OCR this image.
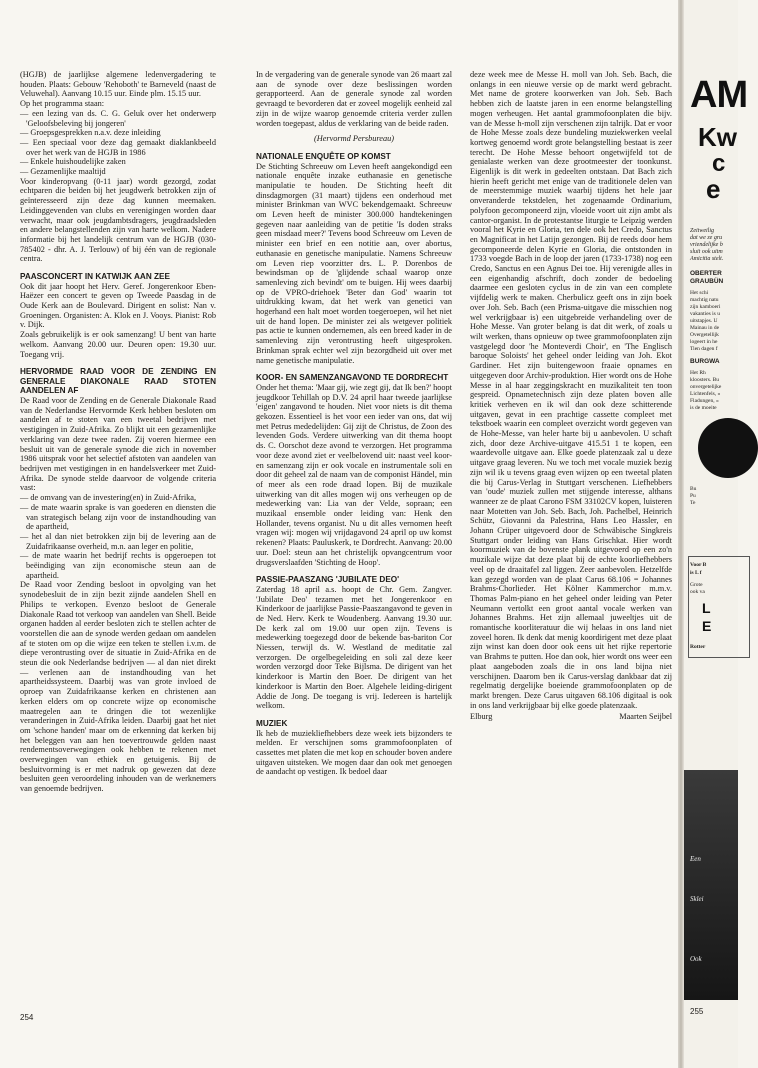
(HGJB) de jaarlijkse algemene ledenvergadering te houden. Plaats: Gebouw 'Rehoboth' te Barneveld (naast de Veluwehal). Aanvang 10.15 uur. Einde plm. 15.15 uur.

Op het programma staan:

— een lezing van ds. C. G. Geluk over het onderwerp 'Geloofsbeleving bij jongeren'

— Groepsgesprekken n.a.v. deze inleiding

— Een speciaal voor deze dag gemaakt diaklankbeeld over het werk van de HGJB in 1986

— Enkele huishoudelijke zaken

— Gezamenlijke maaltijd

Voor kinderopvang (0-11 jaar) wordt gezorgd, zodat echtparen die beiden bij het jeugdwerk betrokken zijn of geïnteresseerd zijn deze dag kunnen meemaken. Leidinggevenden van clubs en verenigingen worden daar verwacht, maar ook jeugdambtsdragers, jeugdraadsleden en andere belangstellenden zijn van harte welkom. Nadere informatie bij het landelijk centrum van de HGJB (030-785402 - dhr. A. J. Terlouw) of bij één van de regionale centra.

PAASCONCERT IN KATWIJK AAN ZEE

Ook dit jaar hoopt het Herv. Geref. Jongerenkoor Eben-Haëzer een concert te geven op Tweede Paasdag in de Oude Kerk aan de Boulevard. Dirigent en solist: Nan v. Groeningen. Organisten: A. Klok en J. Vooys. Pianist: Rob v. Dijk.

Zoals gebruikelijk is er ook samenzang! U bent van harte welkom. Aanvang 20.00 uur. Deuren open: 19.30 uur. Toegang vrij.

HERVORMDE RAAD VOOR DE ZENDING EN GENERALE DIAKONALE RAAD STOTEN AANDELEN AF

De Raad voor de Zending en de Generale Diakonale Raad van de Nederlandse Hervormde Kerk hebben besloten om aandelen af te stoten van een tweetal bedrijven met vestigingen in Zuid-Afrika. Zo blijkt uit een gezamenlijke verklaring van deze twee raden. Zij voeren hiermee een besluit uit van de generale synode die zich in november 1986 uitsprak voor het selectief afstoten van aandelen van bedrijven met vestigingen in en handelsverkeer met Zuid-Afrika. De synode stelde daarvoor de volgende criteria vast:

— de omvang van de investering(en) in Zuid-Afrika,

— de mate waarin sprake is van goederen en diensten die van strategisch belang zijn voor de instandhouding van de apartheid,

— het al dan niet betrokken zijn bij de levering aan de Zuidafrikaanse overheid, m.n. aan leger en politie,

— de mate waarin het bedrijf rechts is opgeroepen tot beëindiging van zijn economische steun aan de apartheid.

De Raad voor Zending besloot in opvolging van het synodebesluit de in zijn bezit zijnde aandelen Shell en Philips te verkopen. Evenzo besloot de Generale Diakonale Raad tot verkoop van aandelen van Shell. Beide organen hadden al eerder besloten zich te stellen achter de voorstellen die aan de synode werden gedaan om aandelen af te stoten om op die wijze een teken te stellen i.v.m. de diepe verontrusting over de situatie in Zuid-Afrika en de steun die ook Nederlandse bedrijven — al dan niet direkt — verlenen aan de instandhouding van het apartheidssysteem. Daarbij was van grote invloed de oproep van Zuidafrikaanse kerken en christenen aan kerken elders om op concrete wijze op economische maatregelen aan te dringen die tot wezenlijke veranderingen in Zuid-Afrika leiden. Daarbij gaat het niet om 'schone handen' maar om de erkenning dat kerken bij het beleggen van aan hen toevertrouwde gelden naast rendementsoverwegingen ook hebben te rekenen met overwegingen van ethiek en getuigenis. Bij de besluitvorming is er met nadruk op gewezen dat deze besluiten geen veroordeling inhouden van de werknemers van genoemde bedrijven.

In de vergadering van de generale synode van 26 maart zal aan de synode over deze beslissingen worden gerapporteerd. Aan de generale synode zal worden gevraagd te bevorderen dat er zoveel mogelijk eenheid zal zijn in de wijze waarop genoemde criteria verder zullen worden toegepast, aldus de verklaring van de beide raden.

(Hervormd Persbureau)

NATIONALE ENQUÊTE OP KOMST

De Stichting Schreeuw om Leven heeft aangekondigd een nationale enquête inzake euthanasie en genetische manipulatie te houden. De Stichting heeft dit dinsdagmorgen (31 maart) tijdens een onderhoud met minister Brinkman van WVC bekendgemaakt. Schreeuw om Leven heeft de minister 300.000 handtekeningen gegeven naar aanleiding van de petitie 'Is doden straks geen misdaad meer?' Tevens bood Schreeuw om Leven de minister een brief en een notitie aan, over abortus, euthanasie en genetische manipulatie. Namens Schreeuw om Leven riep voorzitter drs. L. P. Dorenbos de bewindsman op de 'glijdende schaal waarop onze samenleving zich bevindt' om te buigen. Hij wees daarbij op de VPRO-driehoek 'Beter dan God' waarin tot uitdrukking kwam, dat het werk van genetici van hogerhand een halt moet worden toegeroepen, wil het niet uit de hand lopen. De minister zei als wetgever politiek pas actie te kunnen ondernemen, als een breed kader in de samenleving zijn verontrusting heeft uitgesproken. Brinkman sprak echter wel zijn bezorgdheid uit over met name genetische manipulatie.

KOOR- EN SAMENZANGAVOND TE DORDRECHT

Onder het thema: 'Maar gij, wie zegt gij, dat Ik ben?' hoopt jeugdkoor Tehillah op D.V. 24 april haar tweede jaarlijkse 'eigen' zangavond te houden. Niet voor niets is dit thema gekozen. Essentieel is het voor een ieder van ons, dat wij met Petrus mededelijden: Gij zijt de Christus, de Zoon des levenden Gods. Verdere uitwerking van dit thema hoopt ds. C. Oorschot deze avond te verzorgen. Het programma voor deze avond ziet er veelbelovend uit: naast veel koor- en samenzang zijn er ook vocale en instrumentale soli en door dit geheel zal de naam van de componist Händel, min of meer als een rode draad lopen. Bij de muzikale uitwerking van dit alles mogen wij ons verheugen op de medewerking van: Lia van der Velde, sopraan; een muzikaal ensemble onder leiding van: Henk den Hollander, tevens organist. Nu u dit alles vernomen heeft vragen wij: mogen wij vrijdagavond 24 april op uw komst rekenen? Plaats: Pauluskerk, te Dordrecht. Aanvang: 20.00 uur. Doel: steun aan het christelijk opvangcentrum voor drugsverslaafden 'Stichting de Hoop'.

PASSIE-PAASZANG 'JUBILATE DEO'

Zaterdag 18 april a.s. hoopt de Chr. Gem. Zangver. 'Jubilate Deo' tezamen met het Jongerenkoor en Kinderkoor de jaarlijkse Passie-Paaszangavond te geven in de Ned. Herv. Kerk te Woudenberg. Aanvang 19.30 uur. De kerk zal om 19.00 uur open zijn. Tevens is medewerking toegezegd door de bekende bas-bariton Cor Niessen, terwijl ds. W. Westland de meditatie zal verzorgen. De orgelbegeleiding en soli zal deze keer worden verzorgd door Teke Bijlsma. De dirigent van het kinderkoor is Martin den Boer. De dirigent van het kinderkoor is Martin den Boer. Algehele leiding-dirigent Addie de Jong. De toegang is vrij. Iedereen is hartelijk welkom.

MUZIEK

Ik heb de muziekliefhebbers deze week iets bijzonders te melden. Er verschijnen soms grammofoonplaten of cassettes met platen die met kop en schouder boven andere uitgaven uitsteken. We mogen daar dan ook met genoegen de aandacht op vestigen. Ik bedoel daar

deze week mee de Messe H. moll van Joh. Seb. Bach, die onlangs in een nieuwe versie op de markt werd gebracht. Met name de grotere koorwerken van Joh. Seb. Bach hebben zich de laatste jaren in een enorme belangstelling mogen verheugen. Het aantal grammofoonplaten die bijv. van de Messe h-moll zijn verschenen zijn talrijk. Dat er voor de Hohe Messe zoals deze bundeling muziekwerken veelal kortweg genoemd wordt grote belangstelling bestaat is zeer terecht. De Hohe Messe behoort ongetwijfeld tot de genialaste werken van deze grootmeester der toonkunst. Eigenlijk is dit werk in gedeelten ontstaan. Dat Bach zich hierin heeft gericht met enige van de traditionele delen van de meerstemmige muziek waarbij tijdens het hele jaar onveranderde tekstdelen, het zogenaamde Ordinarium, polyfoon gecomponeerd zijn, vloeide voort uit zijn ambt als cantor-organist. In de protestantse liturgie te Leipzig werden vooral het Kyrie en Gloria, ten dele ook het Credo, Sanctus en Magnificat in het Latijn gezongen. Bij de reeds door hem gecomponeerde delen Kyrie en Gloria, die ontstonden in 1733 voegde Bach in de loop der jaren (1733-1738) nog een Credo, Sanctus en een Agnus Dei toe. Hij verenigde alles in een eigenhandig afschrift, doch zonder de bedoeling daarmee een gesloten cyclus in de zin van een complete vijfdelig werk te maken. Cherbulicz geeft ons in zijn boek over Joh. Seb. Bach (een Prisma-uitgave die misschien nog wel verkrijgbaar is) een uitgebreide verhandeling over de Hohe Messe. Van groter belang is dat dit werk, of zoals u wilt werken, thans opnieuw op twee grammofoonplaten zijn vastgelegd door 'he Monteverdi Choir', en 'The Englisch baroque Soloists' het geheel onder leiding van Joh. Ekot Gardiner. Het zijn buitengewoon fraaie opnames en uitgegeven door Archiv-produktion. Hier wordt ons de Hohe Messe in al haar zeggingskracht en muzikaliteit ten toon gespreid. Opnametechnisch zijn deze platen boven alle kritiek verheven en ik wil dan ook deze schitterende uitgaven, gevat in een prachtige cassette compleet met tekstboek waarin een compleet overzicht wordt gegeven van de Hohe-Messe, van heler harte bij u aanbevolen. U schaft zich, door deze Archive-uitgave 415.51 1 te kopen, een waardevolle uitgave aan. Elke goede platenzaak zal u deze uitgave graag leveren. Nu we toch met vocale muziek bezig zijn wil ik u tevens graag even wijzen op een tweetal platen die bij Carus-Verlag in Stuttgart verschenen. Liefhebbers van 'oude' muziek zullen met stijgende interesse, althans wanneer ze de plaat Carono FSM 33102CV kopen, luisteren naar Motetten van Joh. Seb. Bach, Joh. Pachelbel, Heinrich Schütz, Giovanni da Palestrina, Hans Leo Hassler, en Johann Crüper uitgevoerd door de Schwäbische Singkreis Stuttgart onder leiding van Hans Grischkat. Hier wordt koormuziek van de bovenste plank uitgevoerd op een zo'n muzikale wijze dat deze plaat bij de echte koorliefhebbers veel op de draaitafel zal liggen. Zeer aanbevolen. Hetzelfde kan gezegd worden van de plaat Carus 68.106 = Johannes Brahms-Chorlieder. Het Kölner Kammerchor m.m.v. Thomas Palm-piano en het geheel onder leiding van Peter Neumann vertolkt een groot aantal vocale werken van Johannes Brahms. Het zijn allemaal juweeltjes uit de romantische koorliteratuur die wij helaas in ons land niet zoveel horen. Ik denk dat menig koordirigent met deze plaat zijn winst kan doen door ook eens uit het rijke repertorie van Brahms te putten. Hoe dan ook, hier wordt ons weer een plaat aangeboden zoals die in ons land bijna niet verschijnen. Daarom ben ik Carus-verslag dankbaar dat zij regelmatig dergelijke boeiende grammofoonplaten op de markt brengen. Deze Carus uitgaven 68.106 digitaal is ook in ons land verkrijgbaar bij elke goede platenzaak.

Elburg	Maarten Seijbel
254
AM
Kw
c
e
Zeitweilig
dat we ze gru
vriendelijke b
sluit ook uitm
Amicitia stelt.
OBERTER
GRAUBÜN
Het schi
machtig natu
zijn kamboeri
vakanties is u
uitstapjes. U
Mainau in de
Overgetellijk
logeert in he
Tien dagen f
BURGWA
Het Rh
kloosters. Bu
onvergetelijke
Lichtenfels, «
Fladungen, «
is de moeite
Bu
Pu
Te
Voor B
is L f
Grote
ook va
L
E
Rotter
Een
Sklei
Ook
255
